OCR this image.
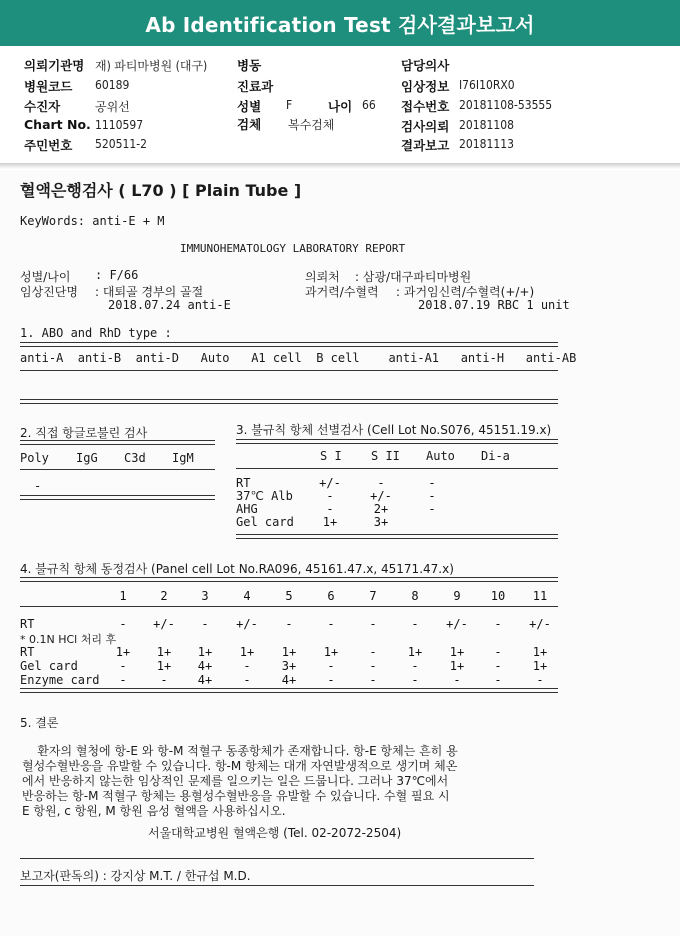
Ab Identification Test 검사결과보고서
의뢰기관명 재) 파티마병원 (대구)
병원코드 60189
수진자	공위선
Chart No. 1110597
주민번호 520511-2
병동
진료과
성별 F	나이 66
검체 복수검체
담당의사
임상정보 I76I10RX0
접수번호 20181108-53555
검사의뢰 20181108
결과보고 20181113
혈액은행검사 ( L70 ) [ Plain Tube ]
KeyWords: anti-E + M
IMMUNOHEMATOLOGY LABORATORY REPORT
성별/나이 : F/66
임상진단명 : 대퇴골 경부의 골절
2018.07.24 anti-E
의뢰처 : 삼광/대구파티마병원
과거력/수혈력 : 과거임신력/수혈력(+/+)
2018.07.19 RBC 1 unit
1. ABO and RhD type :
anti-A  anti-B  anti-D   Auto   A1 cell  B cell    anti-A1   anti-H   anti-AB
2. 직접 항글로불린 검사
Poly IgG C3d IgM
-
3. 불규칙 항체 선별검사 (Cell Lot No.S076, 45151.19.x)
S I S II Auto Di-a
RT	+/-	-	-
37℃ Alb	-	+/-	-
AHG	-	2+	-
Gel card	1+	3+
4. 불규칙 항체 동정검사 (Panel cell Lot No.RA096, 45161.47.x, 45171.47.x)
1	2	3	4	5	6	7	8	9	10	11
RT	-	+/-	-	+/-	-	-	-	-	+/-	-	+/-
* 0.1N HCl 처리 후
RT	1+	1+	1+	1+	1+	1+	-	1+	1+	-	1+
Gel card	-	1+	4+	-	3+	-	-	-	1+	-	1+
Enzyme card	-	-	4+	-	4+	-	-	-	-	-	-
5. 결론
환자의 혈청에 항-E 와 항-M 적혈구 동종항체가 존재합니다. 항-E 항체는 흔히 용
혈성수혈반응을 유발할 수 있습니다. 항-M 항체는 대개 자연발생적으로 생기며 체온
에서 반응하지 않는한 임상적인 문제를 일으키는 일은 드뭅니다. 그러나 37℃에서
반응하는 항-M 적혈구 항체는 용혈성수혈반응을 유발할 수 있습니다. 수혈 필요 시
E 항원, c 항원, M 항원 음성 혈액을 사용하십시오.
서울대학교병원 혈액은행 (Tel. 02-2072-2504)
보고자(판독의) : 강지상 M.T. / 한규섭 M.D.
